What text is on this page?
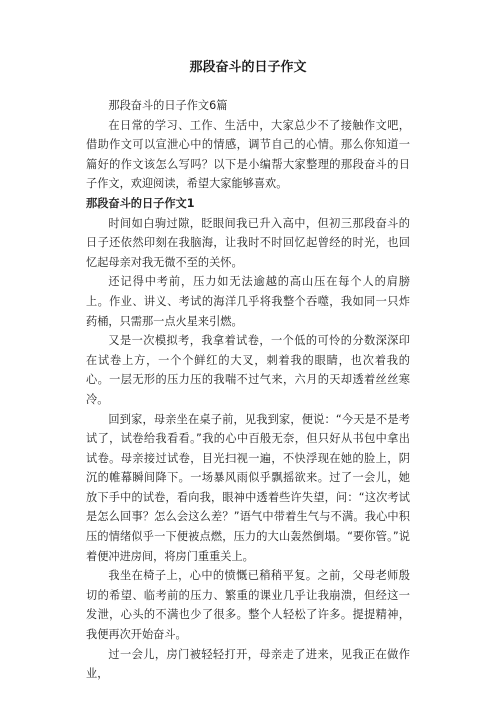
那段奋斗的日子作文

那段奋斗的日子作文6篇

在日常的学习、工作、生活中，大家总少不了接触作文吧，借助作文可以宣泄心中的情感，调节自己的心情。那么你知道一篇好的作文该怎么写吗？以下是小编帮大家整理的那段奋斗的日子作文，欢迎阅读，希望大家能够喜欢。

那段奋斗的日子作文1

时间如白驹过隙，眨眼间我已升入高中，但初三那段奋斗的日子还依然印刻在我脑海，让我时不时回忆起曾经的时光，也回忆起母亲对我无微不至的关怀。

还记得中考前，压力如无法逾越的高山压在每个人的肩膀上。作业、讲义、考试的海洋几乎将我整个吞噬，我如同一只炸药桶，只需那一点火星来引燃。

又是一次模拟考，我拿着试卷，一个低的可怜的分数深深印在试卷上方，一个个鲜红的大叉，刺着我的眼睛，也次着我的心。一层无形的压力压的我喘不过气来，六月的天却透着丝丝寒冷。

回到家，母亲坐在桌子前，见我到家，便说：“今天是不是考试了，试卷给我看看。”我的心中百般无奈，但只好从书包中拿出试卷。母亲接过试卷，目光扫视一遍，不快浮现在她的脸上，阴沉的帷幕瞬间降下。一场暴风雨似乎飘摇欲来。过了一会儿，她放下手中的试卷，看向我，眼神中透着些许失望，问：“这次考试是怎么回事？怎么会这么差？”语气中带着生气与不满。我心中积压的情绪似乎一下便被点燃，压力的大山轰然倒塌。“要你管。”说着便冲进房间，将房门重重关上。

我坐在椅子上，心中的愤慨已稍稍平复。之前，父母老师殷切的希望、临考前的压力、繁重的课业几乎让我崩溃，但经这一发泄，心头的不满也少了很多。整个人轻松了许多。提提精神，我便再次开始奋斗。

过一会儿，房门被轻轻打开，母亲走了进来，见我正在做作业，
